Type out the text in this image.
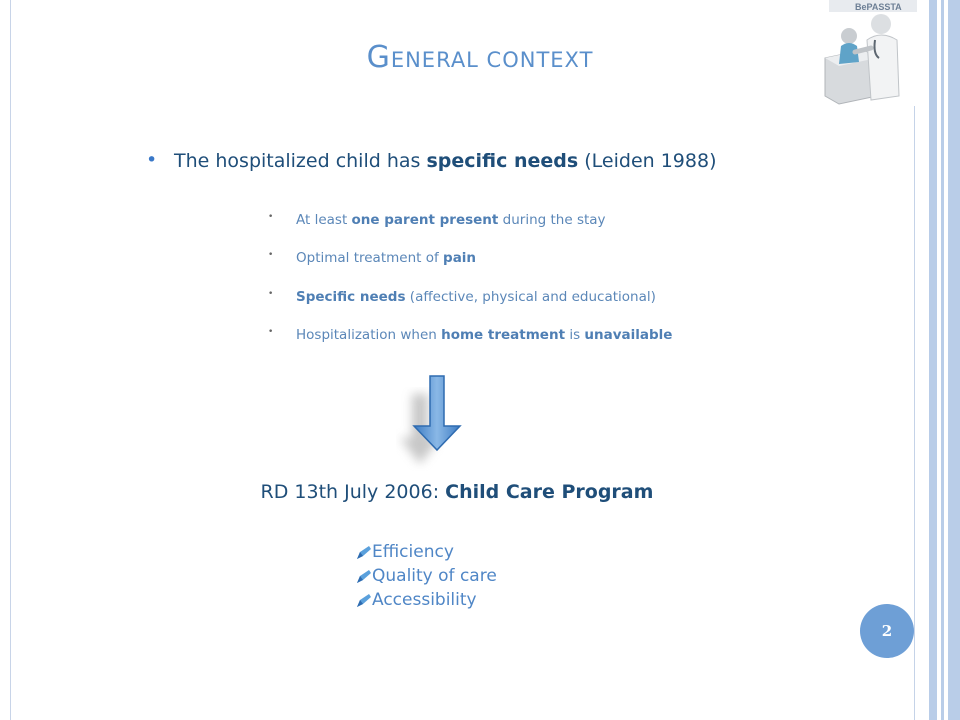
GENERAL CONTEXT
BePASSTA
• The hospitalized child has specific needs (Leiden 1988)
• At least one parent present during the stay
• Optimal treatment of pain
• Specific needs (affective, physical and educational)
• Hospitalization when home treatment is unavailable
RD 13th July 2006: Child Care Program
Efficiency
Quality of care
Accessibility
2
